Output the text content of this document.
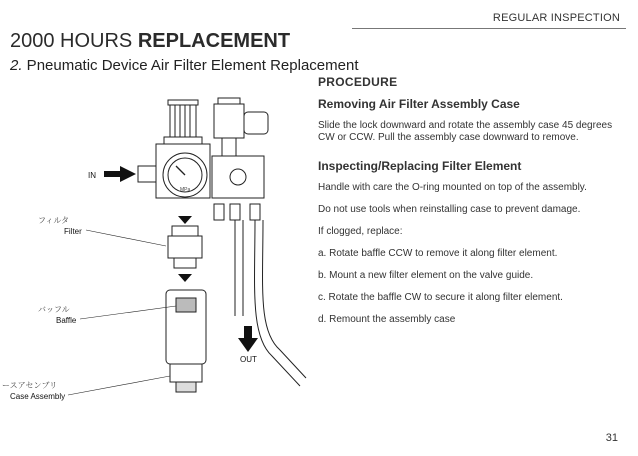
REGULAR INSPECTION
2000 HOURS REPLACEMENT
2. Pneumatic Device Air Filter Element Replacement
IN
OUT
MPa
フィルタ
Filter
バッフル
Baffle
ースアセンブリ
Case Assembly
PROCEDURE
Removing Air Filter Assembly Case

Slide the lock downward and rotate the assembly case 45 degrees CW or CCW. Pull the assembly case downward to remove.

Inspecting/Replacing Filter Element

Handle with care the O-ring mounted on top of the assembly.

Do not use tools when reinstalling case to prevent damage.

If clogged, replace:

a. Rotate baffle CCW to remove it along filter element.

b. Mount a new filter element on the valve guide.

c. Rotate the baffle CW to secure it along filter element.

d. Remount the assembly case

31
